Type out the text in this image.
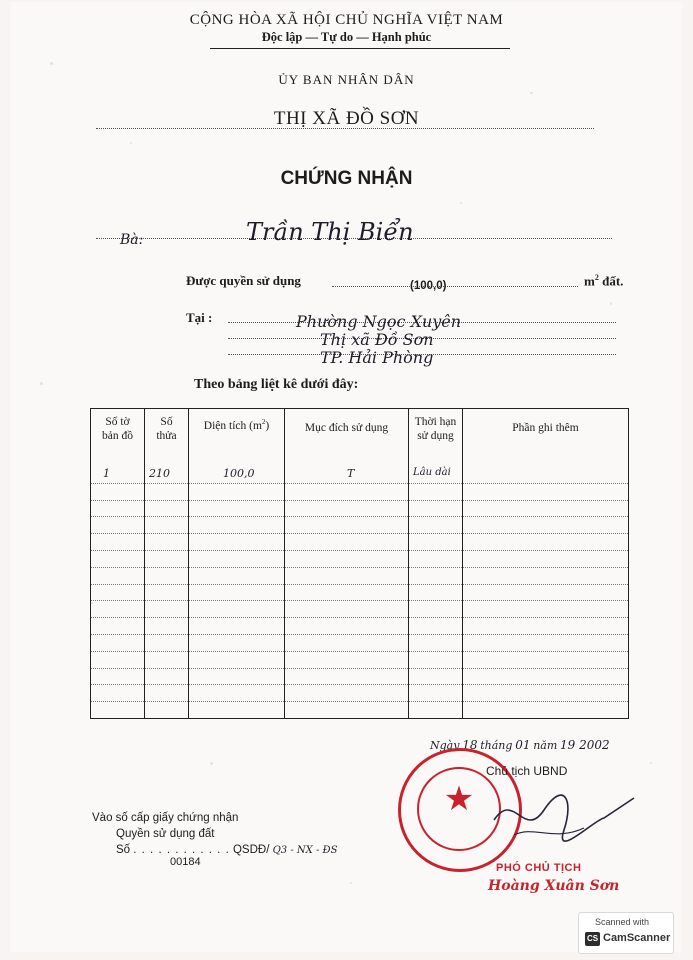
CỘNG HÒA XÃ HỘI CHỦ NGHĨA VIỆT NAM
Độc lập — Tự do — Hạnh phúc
ỦY BAN NHÂN DÂN
THỊ XÃ ĐỒ SƠN
CHỨNG NHẬN
Bà:	Trần Thị Biển
Được quyền sử dụng	(100,0)	$m^2$ đất.
Tại :	Phường Ngọc Xuyên
Thị xã Đồ Sơn
TP. Hải Phòng
Theo bảng liệt kê dưới đây:
Số tờ bản đồ	Số thửa	Diện tích $(m^2)$	Mục đích sử dụng	Thời hạn sử dụng	Phần ghi thêm
1	210	100,0	T	Lâu dài	

Ngày 18 tháng 01 năm 19 2002
★
Chủ tịch UBND
PHÓ CHỦ TỊCH
Hoàng Xuân Sơn
Vào số cấp giấy chứng nhận
Quyền sử dụng đất
Số . . . . . . . . . . . . QSDĐ/ Q3 - NX - ĐS
00184
Scanned with
CS CamScanner
